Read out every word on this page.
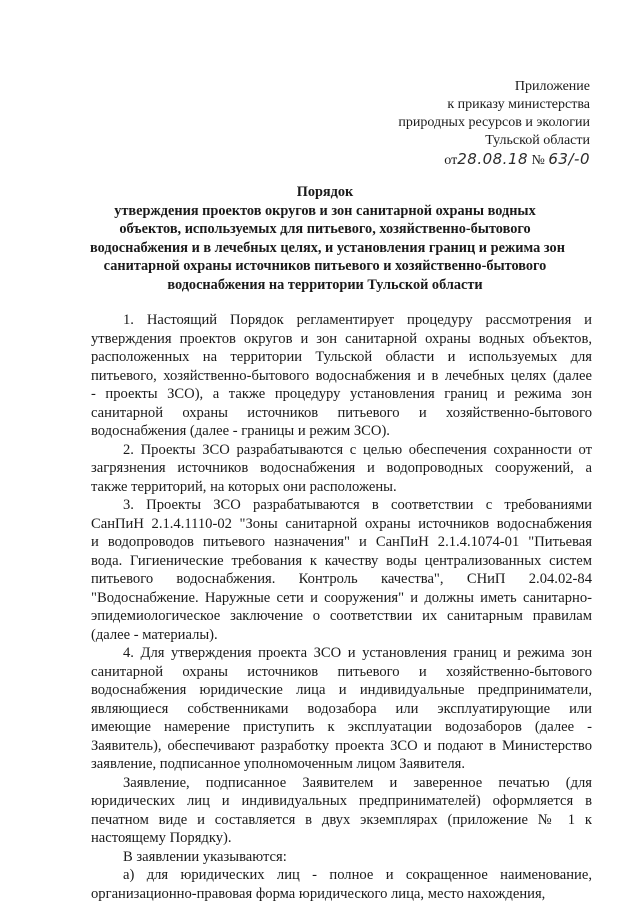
Приложение
к приказу министерства
природных ресурсов и экологии
Тульской области
от28.08.18 № 63/-0
Порядок
утверждения проектов округов и зон санитарной охраны водных
объектов, используемых для питьевого, хозяйственно-бытового
водоснабжения и в лечебных целях, и установления границ и режима зон
санитарной охраны источников питьевого и хозяйственно-бытового
водоснабжения на территории Тульской области
1. Настоящий Порядок регламентирует процедуру рассмотрения и
утверждения проектов округов и зон санитарной охраны водных объектов,
расположенных на территории Тульской области и используемых для
питьевого, хозяйственно-бытового водоснабжения и в лечебных целях (далее
- проекты ЗСО), а также процедуру установления границ и режима зон
санитарной охраны источников питьевого и хозяйственно-бытового
водоснабжения (далее - границы и режим ЗСО).
2. Проекты ЗСО разрабатываются с целью обеспечения сохранности от
загрязнения источников водоснабжения и водопроводных сооружений, а
также территорий, на которых они расположены.
3. Проекты ЗСО разрабатываются в соответствии с требованиями
СанПиН 2.1.4.1110-02 "Зоны санитарной охраны источников водоснабжения
и водопроводов питьевого назначения" и СанПиН 2.1.4.1074-01 "Питьевая
вода. Гигиенические требования к качеству воды централизованных систем
питьевого водоснабжения. Контроль качества", СНиП 2.04.02-84
"Водоснабжение. Наружные сети и сооружения" и должны иметь санитарно-
эпидемиологическое заключение о соответствии их санитарным правилам
(далее - материалы).
4. Для утверждения проекта ЗСО и установления границ и режима зон
санитарной охраны источников питьевого и хозяйственно-бытового
водоснабжения юридические лица и индивидуальные предприниматели,
являющиеся собственниками водозабора или эксплуатирующие или
имеющие намерение приступить к эксплуатации водозаборов (далее -
Заявитель), обеспечивают разработку проекта ЗСО и подают в Министерство
заявление, подписанное уполномоченным лицом Заявителя.
Заявление, подписанное Заявителем и заверенное печатью (для
юридических лиц и индивидуальных предпринимателей) оформляется в
печатном виде и составляется в двух экземплярах (приложение № 1 к
настоящему Порядку).
В заявлении указываются:
а) для юридических лиц - полное и сокращенное наименование,
организационно-правовая форма юридического лица, место нахождения,
